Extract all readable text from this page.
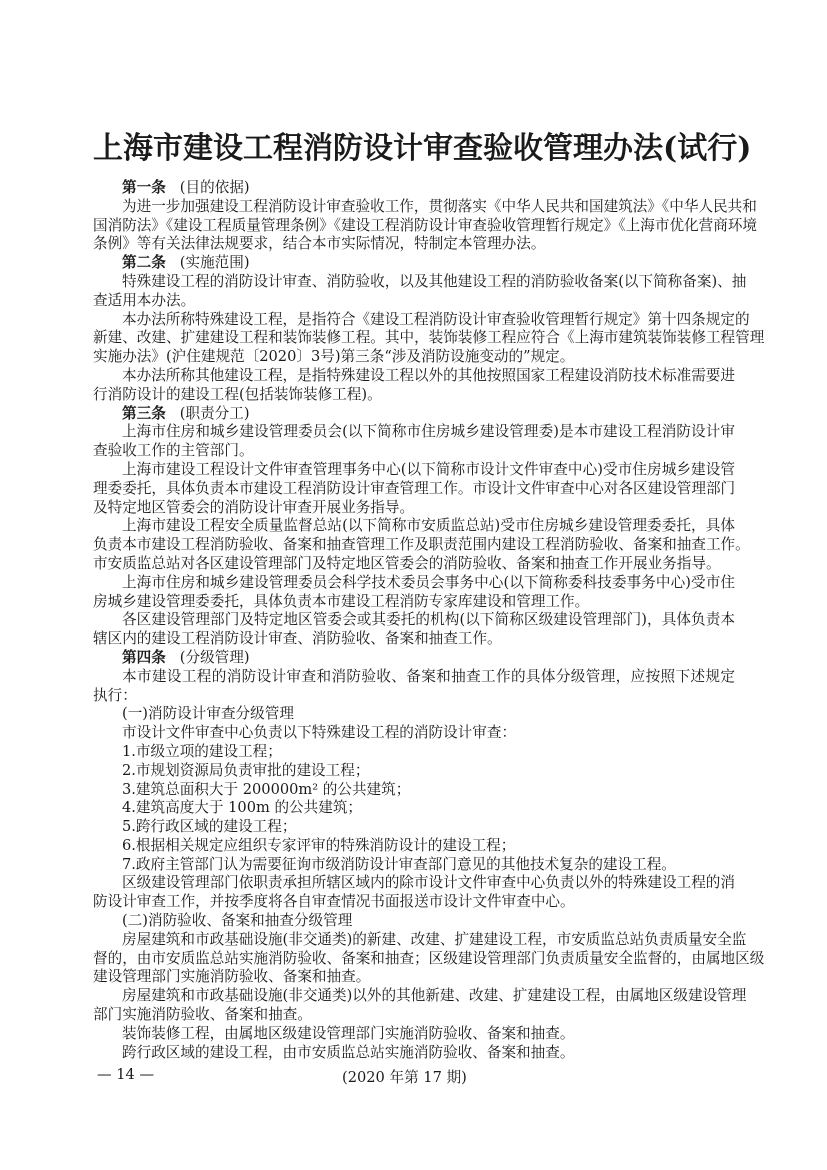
上海市建设工程消防设计审查验收管理办法(试行)
第一条 (目的依据)
为进一步加强建设工程消防设计审查验收工作，贯彻落实《中华人民共和国建筑法》《中华人民共和
国消防法》《建设工程质量管理条例》《建设工程消防设计审查验收管理暂行规定》《上海市优化营商环境
条例》等有关法律法规要求，结合本市实际情况，特制定本管理办法。
第二条 (实施范围)
特殊建设工程的消防设计审查、消防验收，以及其他建设工程的消防验收备案(以下简称备案)、抽
查适用本办法。
本办法所称特殊建设工程，是指符合《建设工程消防设计审查验收管理暂行规定》第十四条规定的
新建、改建、扩建建设工程和装饰装修工程。其中，装饰装修工程应符合《上海市建筑装饰装修工程管理
实施办法》(沪住建规范〔2020〕3号)第三条“涉及消防设施变动的”规定。
本办法所称其他建设工程，是指特殊建设工程以外的其他按照国家工程建设消防技术标准需要进
行消防设计的建设工程(包括装饰装修工程)。
第三条 (职责分工)
上海市住房和城乡建设管理委员会(以下简称市住房城乡建设管理委)是本市建设工程消防设计审
查验收工作的主管部门。
上海市建设工程设计文件审查管理事务中心(以下简称市设计文件审查中心)受市住房城乡建设管
理委委托，具体负责本市建设工程消防设计审查管理工作。市设计文件审查中心对各区建设管理部门
及特定地区管委会的消防设计审查开展业务指导。
上海市建设工程安全质量监督总站(以下简称市安质监总站)受市住房城乡建设管理委委托，具体
负责本市建设工程消防验收、备案和抽查管理工作及职责范围内建设工程消防验收、备案和抽查工作。
市安质监总站对各区建设管理部门及特定地区管委会的消防验收、备案和抽查工作开展业务指导。
上海市住房和城乡建设管理委员会科学技术委员会事务中心(以下简称委科技委事务中心)受市住
房城乡建设管理委委托，具体负责本市建设工程消防专家库建设和管理工作。
各区建设管理部门及特定地区管委会或其委托的机构(以下简称区级建设管理部门)，具体负责本
辖区内的建设工程消防设计审查、消防验收、备案和抽查工作。
第四条 (分级管理)
本市建设工程的消防设计审查和消防验收、备案和抽查工作的具体分级管理，应按照下述规定
执行：
(一)消防设计审查分级管理
市设计文件审查中心负责以下特殊建设工程的消防设计审查：
1.市级立项的建设工程；
2.市规划资源局负责审批的建设工程；
3.建筑总面积大于 200000m² 的公共建筑；
4.建筑高度大于 100m 的公共建筑；
5.跨行政区域的建设工程；
6.根据相关规定应组织专家评审的特殊消防设计的建设工程；
7.政府主管部门认为需要征询市级消防设计审查部门意见的其他技术复杂的建设工程。
区级建设管理部门依职责承担所辖区域内的除市设计文件审查中心负责以外的特殊建设工程的消
防设计审查工作，并按季度将各自审查情况书面报送市设计文件审查中心。
(二)消防验收、备案和抽查分级管理
房屋建筑和市政基础设施(非交通类)的新建、改建、扩建建设工程，市安质监总站负责质量安全监
督的，由市安质监总站实施消防验收、备案和抽查；区级建设管理部门负责质量安全监督的，由属地区级
建设管理部门实施消防验收、备案和抽查。
房屋建筑和市政基础设施(非交通类)以外的其他新建、改建、扩建建设工程，由属地区级建设管理
部门实施消防验收、备案和抽查。
装饰装修工程，由属地区级建设管理部门实施消防验收、备案和抽查。
跨行政区域的建设工程，由市安质监总站实施消防验收、备案和抽查。
— 14 —	(2020 年第 17 期)
